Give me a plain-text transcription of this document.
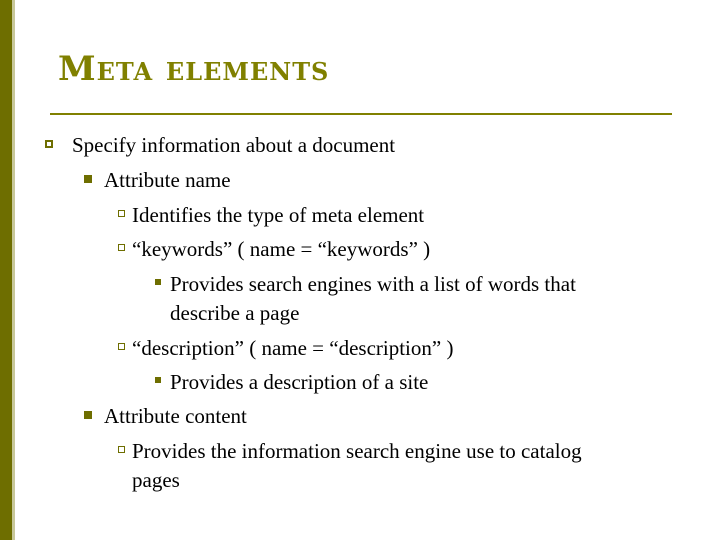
Meta elements
Specify information about a document
Attribute name
Identifies the type of meta element
“keywords” ( name = “keywords” )
Provides search engines with a list of words that
describe a page
“description” ( name = “description” )
Provides a description of a site
Attribute content
Provides the information search engine use to catalog
pages
